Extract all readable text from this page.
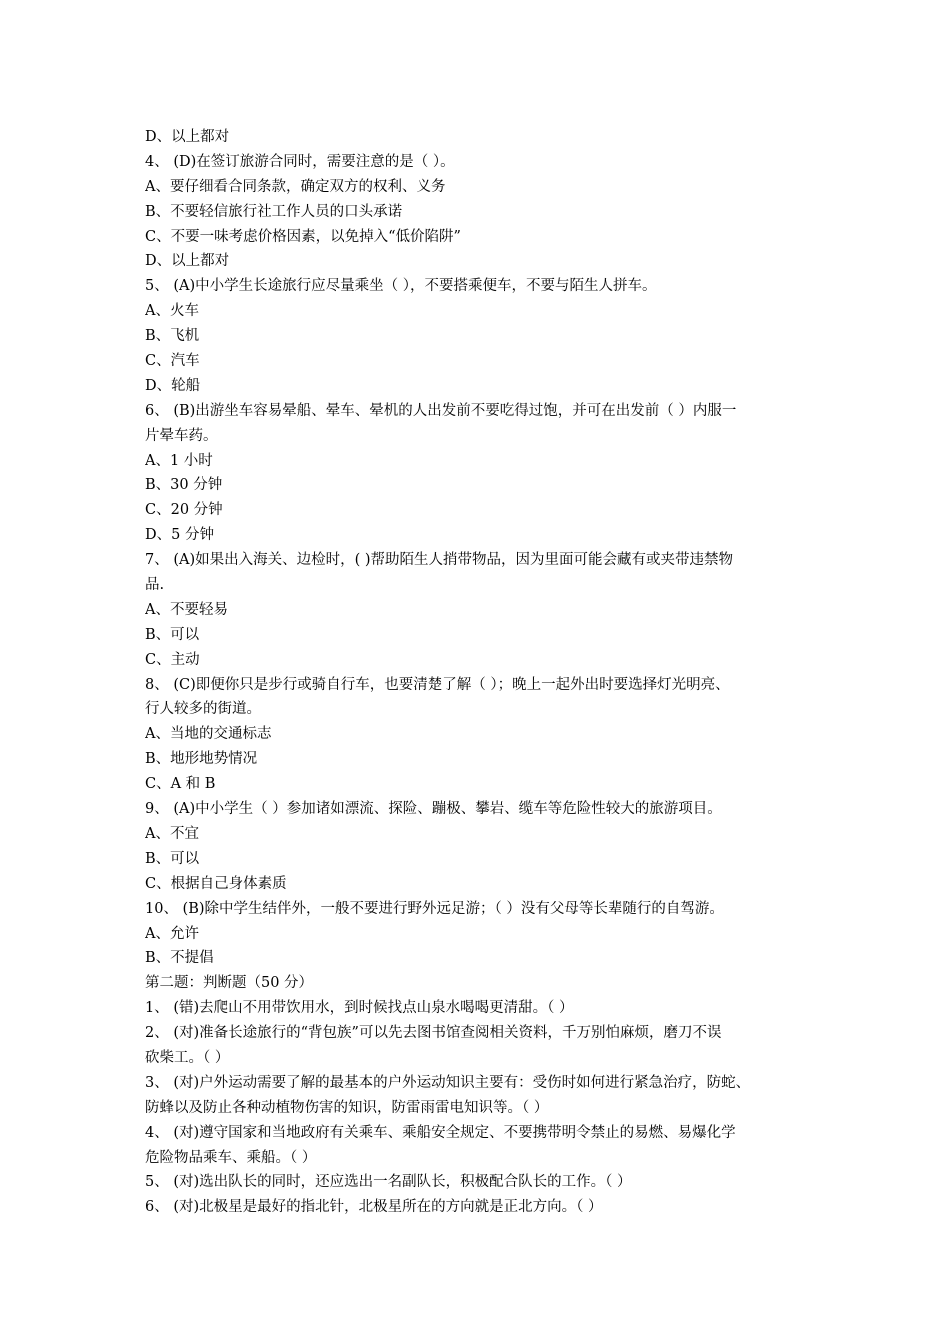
D、以上都对
4、 (D)在签订旅游合同时，需要注意的是（ ）。
A、要仔细看合同条款，确定双方的权利、义务
B、不要轻信旅行社工作人员的口头承诺
C、不要一味考虑价格因素，以免掉入“低价陷阱”
D、以上都对
5、 (A)中小学生长途旅行应尽量乘坐（ ），不要搭乘便车，不要与陌生人拼车。
A、火车
B、飞机
C、汽车
D、轮船
6、 (B)出游坐车容易晕船、晕车、晕机的人出发前不要吃得过饱，并可在出发前（ ）内服一
片晕车药。
A、1 小时
B、30 分钟
C、20 分钟
D、5 分钟
7、 (A)如果出入海关、边检时，( )帮助陌生人捎带物品，因为里面可能会藏有或夹带违禁物
品.
A、不要轻易
B、可以
C、主动
8、 (C)即便你只是步行或骑自行车，也要清楚了解（ ）；晚上一起外出时要选择灯光明亮、
行人较多的街道。
A、当地的交通标志
B、地形地势情况
C、A 和 B
9、 (A)中小学生（ ）参加诸如漂流、探险、蹦极、攀岩、缆车等危险性较大的旅游项目。
A、不宜
B、可以
C、根据自己身体素质
10、 (B)除中学生结伴外，一般不要进行野外远足游；（ ）没有父母等长辈随行的自驾游。
A、允许
B、不提倡
第二题：判断题（50 分）
1、 (错)去爬山不用带饮用水，到时候找点山泉水喝喝更清甜。（ ）
2、 (对)准备长途旅行的“背包族”可以先去图书馆查阅相关资料，千万别怕麻烦，磨刀不误
砍柴工。（ ）
3、 (对)户外运动需要了解的最基本的户外运动知识主要有：受伤时如何进行紧急治疗，防蛇、
防蜂以及防止各种动植物伤害的知识，防雷雨雷电知识等。（ ）
4、 (对)遵守国家和当地政府有关乘车、乘船安全规定、不要携带明令禁止的易燃、易爆化学
危险物品乘车、乘船。（ ）
5、 (对)选出队长的同时，还应选出一名副队长，积极配合队长的工作。（ ）
6、 (对)北极星是最好的指北针，北极星所在的方向就是正北方向。（ ）
